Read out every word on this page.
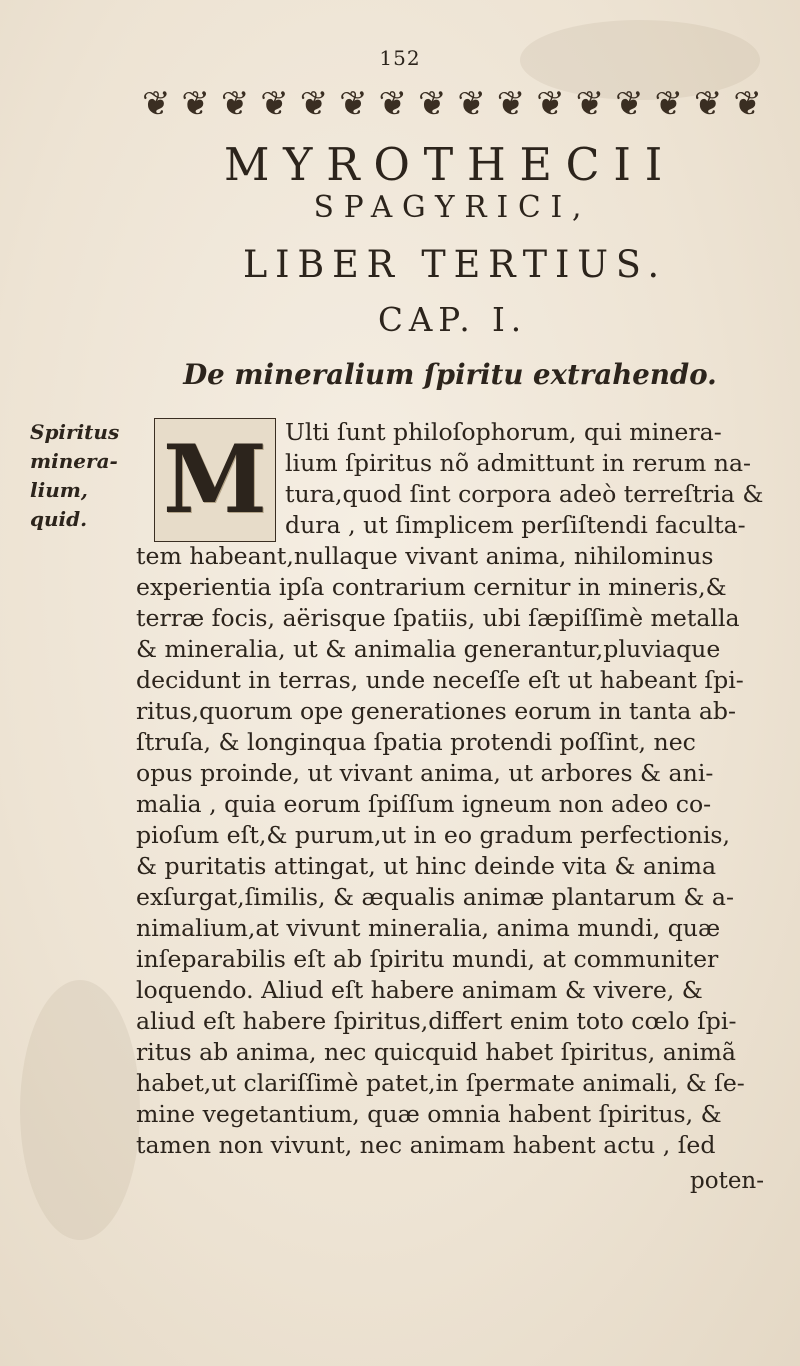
152
❦ ❦ ❦ ❦ ❦ ❦ ❦ ❦ ❦ ❦ ❦ ❦ ❦ ❦ ❦ ❦
MYROTHECII
SPAGYRICI,
LIBER TERTIUS.
CAP. I.
De mineralium ſpiritu extrahendo.
Spiritus
minera-
lium,
quid. M Ulti ſunt philoſophorum, qui minera-
lium ſpiritus nõ admittunt in rerum na-
tura,quod ſint corpora adeò terreſtria &
dura , ut ſimplicem perſiſtendi faculta-
tem habeant,nullaque vivant anima, nihilominus
experientia ipſa contrarium cernitur in mineris,&
terræ focis, aërisque ſpatiis, ubi ſæpiſſimè metalla
& mineralia, ut & animalia generantur,pluviaque
decidunt in terras, unde neceſſe eſt ut habeant ſpi-
ritus,quorum ope generationes eorum in tanta ab-
ſtruſa, & longinqua ſpatia protendi poſſint, nec
opus proinde, ut vivant anima, ut arbores & ani-
malia , quia eorum ſpiſſum igneum non adeo co-
pioſum eſt,& purum,ut in eo gradum perfectionis,
& puritatis attingat, ut hinc deinde vita & anima
exſurgat,ſimilis, & æqualis animæ plantarum & a-
nimalium,at vivunt mineralia, anima mundi, quæ
inſeparabilis eſt ab ſpiritu mundi, at communiter
loquendo. Aliud eſt habere animam & vivere, &
aliud eſt habere ſpiritus,differt enim toto cœlo ſpi-
ritus ab anima, nec quicquid habet ſpiritus, animã
habet,ut clariſſimè patet,in ſpermate animali, & ſe-
mine vegetantium, quæ omnia habent ſpiritus, &
tamen non vivunt, nec animam habent actu , ſed
poten-
